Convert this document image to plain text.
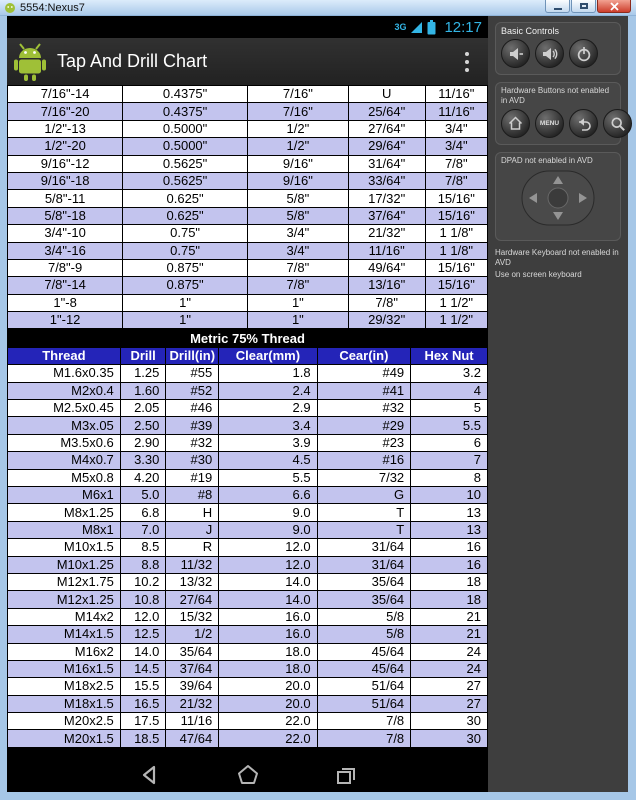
5554:Nexus7
3G	12:17
Tap And Drill Chart
7/16"-14	0.4375"	7/16"	U	11/16"
7/16"-20	0.4375"	7/16"	25/64"	11/16"
1/2"-13	0.5000"	1/2"	27/64"	3/4"
1/2"-20	0.5000"	1/2"	29/64"	3/4"
9/16"-12	0.5625"	9/16"	31/64"	7/8"
9/16"-18	0.5625"	9/16"	33/64"	7/8"
5/8"-11	0.625"	5/8"	17/32"	15/16"
5/8"-18	0.625"	5/8"	37/64"	15/16"
3/4"-10	0.75"	3/4"	21/32"	1 1/8"
3/4"-16	0.75"	3/4"	11/16"	1 1/8"
7/8"-9	0.875"	7/8"	49/64"	15/16"
7/8"-14	0.875"	7/8"	13/16"	15/16"
1"-8	1"	1"	7/8"	1 1/2"
1"-12	1"	1"	29/32"	1 1/2"
Metric 75% Thread					
Thread	Drill	Drill(in)	Clear(mm)	Cear(in)	Hex Nut
M1.6x0.35	1.25	#55	1.8	#49	3.2
M2x0.4	1.60	#52	2.4	#41	4
M2.5x0.45	2.05	#46	2.9	#32	5
M3x.05	2.50	#39	3.4	#29	5.5
M3.5x0.6	2.90	#32	3.9	#23	6
M4x0.7	3.30	#30	4.5	#16	7
M5x0.8	4.20	#19	5.5	7/32	8
M6x1	5.0	#8	6.6	G	10
M8x1.25	6.8	H	9.0	T	13
M8x1	7.0	J	9.0	T	13
M10x1.5	8.5	R	12.0	31/64	16
M10x1.25	8.8	11/32	12.0	31/64	16
M12x1.75	10.2	13/32	14.0	35/64	18
M12x1.25	10.8	27/64	14.0	35/64	18
M14x2	12.0	15/32	16.0	5/8	21
M14x1.5	12.5	1/2	16.0	5/8	21
M16x2	14.0	35/64	18.0	45/64	24
M16x1.5	14.5	37/64	18.0	45/64	24
M18x2.5	15.5	39/64	20.0	51/64	27
M18x1.5	16.5	21/32	20.0	51/64	27
M20x2.5	17.5	11/16	22.0	7/8	30
M20x1.5	18.5	47/64	22.0	7/8	30
Basic Controls
Hardware Buttons not enabled in AVD
MENU
DPAD not enabled in AVD
Hardware Keyboard not enabled in AVD
Use on screen keyboard
